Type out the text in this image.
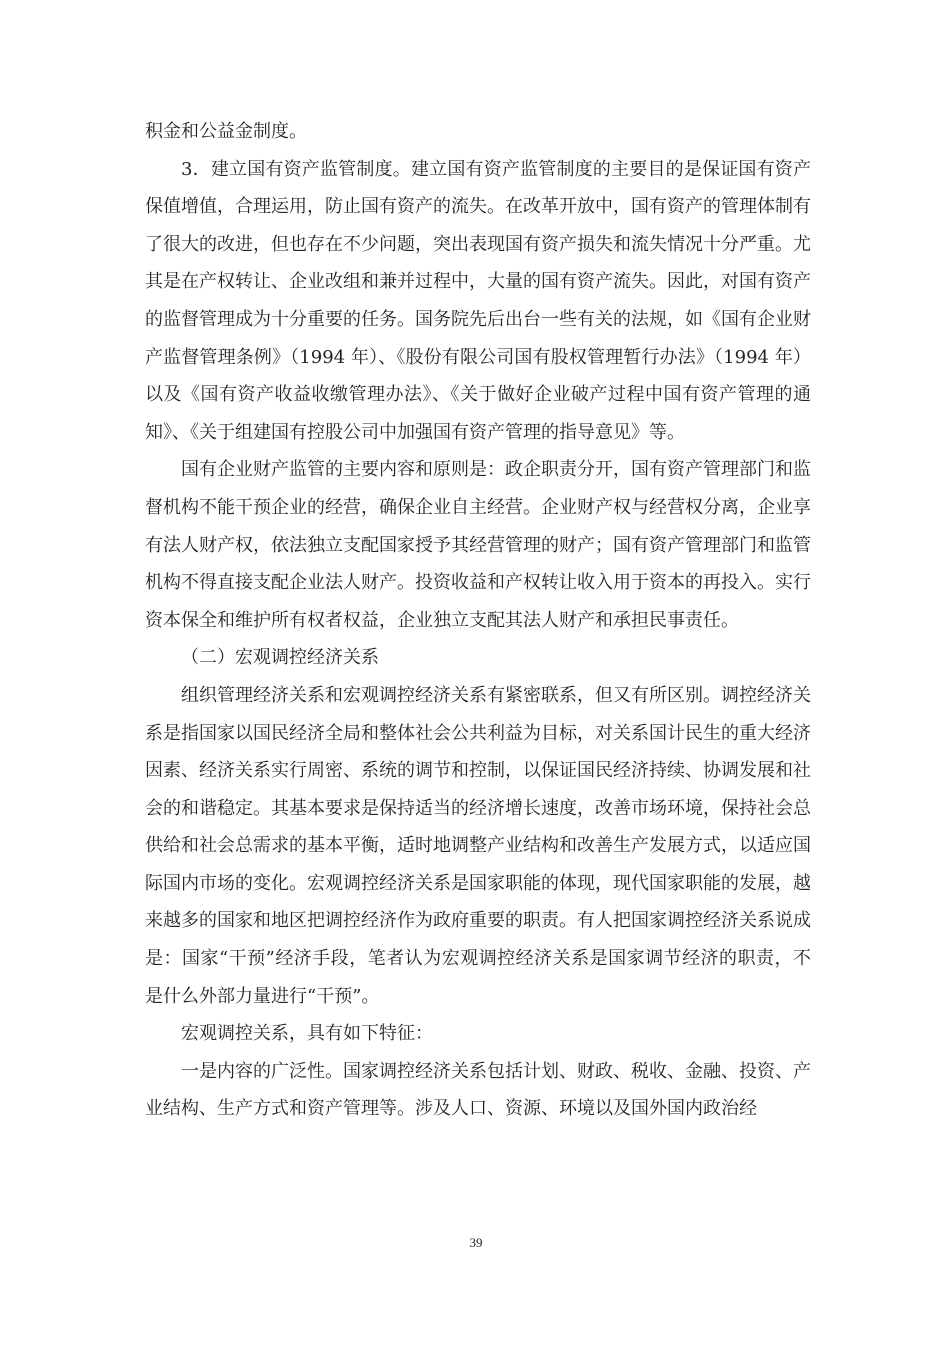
积金和公益金制度。

3．建立国有资产监管制度。建立国有资产监管制度的主要目的是保证国有资产保值增值，合理运用，防止国有资产的流失。在改革开放中，国有资产的管理体制有了很大的改进，但也存在不少问题，突出表现国有资产损失和流失情况十分严重。尤其是在产权转让、企业改组和兼并过程中，大量的国有资产流失。因此，对国有资产的监督管理成为十分重要的任务。国务院先后出台一些有关的法规，如《国有企业财产监督管理条例》（1994 年）、《股份有限公司国有股权管理暂行办法》（1994 年）以及《国有资产收益收缴管理办法》、《关于做好企业破产过程中国有资产管理的通知》、《关于组建国有控股公司中加强国有资产管理的指导意见》等。

国有企业财产监管的主要内容和原则是：政企职责分开，国有资产管理部门和监督机构不能干预企业的经营，确保企业自主经营。企业财产权与经营权分离，企业享有法人财产权，依法独立支配国家授予其经营管理的财产；国有资产管理部门和监管机构不得直接支配企业法人财产。投资收益和产权转让收入用于资本的再投入。实行资本保全和维护所有权者权益，企业独立支配其法人财产和承担民事责任。

（二）宏观调控经济关系

组织管理经济关系和宏观调控经济关系有紧密联系，但又有所区别。调控经济关系是指国家以国民经济全局和整体社会公共利益为目标，对关系国计民生的重大经济因素、经济关系实行周密、系统的调节和控制，以保证国民经济持续、协调发展和社会的和谐稳定。其基本要求是保持适当的经济增长速度，改善市场环境，保持社会总供给和社会总需求的基本平衡，适时地调整产业结构和改善生产发展方式，以适应国际国内市场的变化。宏观调控经济关系是国家职能的体现，现代国家职能的发展，越来越多的国家和地区把调控经济作为政府重要的职责。有人把国家调控经济关系说成是：国家“干预”经济手段，笔者认为宏观调控经济关系是国家调节经济的职责，不是什么外部力量进行“干预”。

宏观调控关系，具有如下特征：

一是内容的广泛性。国家调控经济关系包括计划、财政、税收、金融、投资、产业结构、生产方式和资产管理等。涉及人口、资源、环境以及国外国内政治经

39
